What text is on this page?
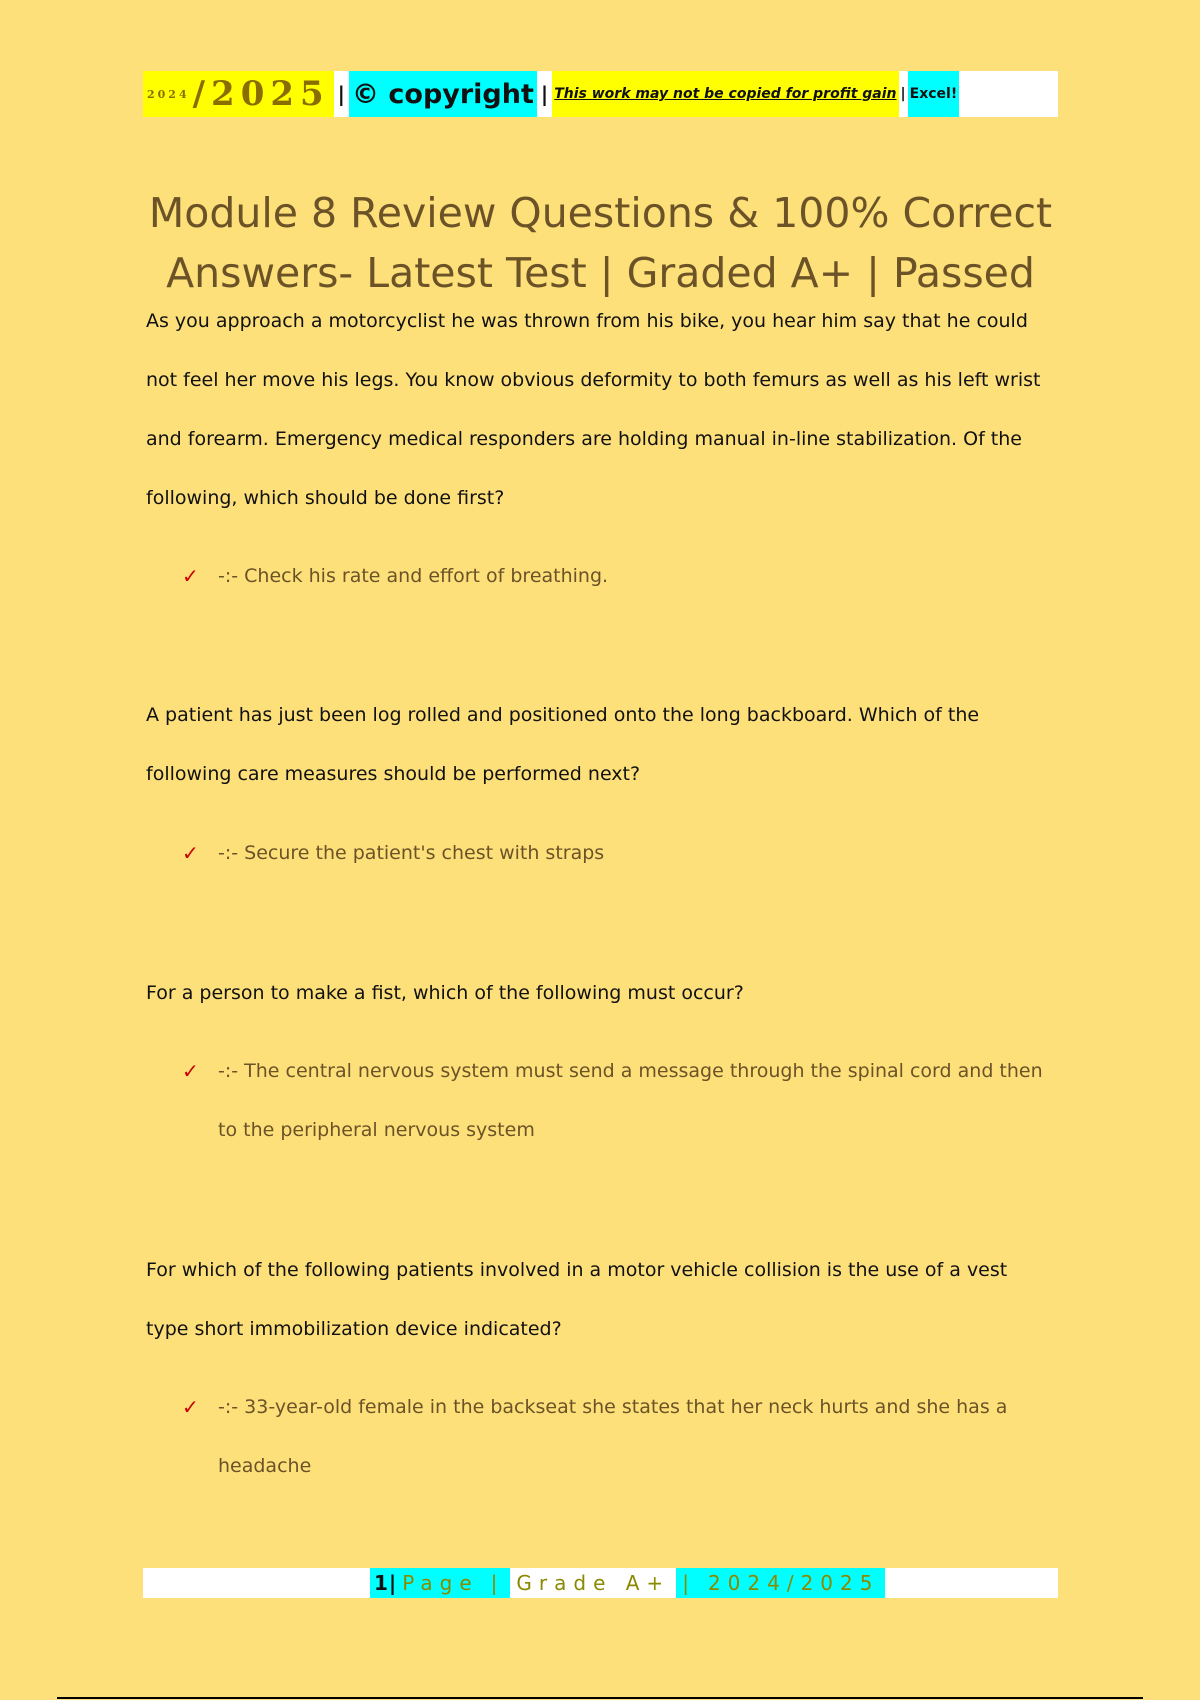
2024 /2025 | © copyright | This work may not be copied for profit gain | Excel!
Module 8 Review Questions & 100% Correct Answers- Latest Test | Graded A+ | Passed
As you approach a motorcyclist he was thrown from his bike, you hear him say that he could not feel her move his legs. You know obvious deformity to both femurs as well as his left wrist and forearm. Emergency medical responders are holding manual in-line stabilization. Of the following, which should be done first?
✓ -:- Check his rate and effort of breathing.
A patient has just been log rolled and positioned onto the long backboard. Which of the following care measures should be performed next?
✓ -:- Secure the patient's chest with straps
For a person to make a fist, which of the following must occur?
✓ -:- The central nervous system must send a message through the spinal cord and then to the peripheral nervous system
For which of the following patients involved in a motor vehicle collision is the use of a vest type short immobilization device indicated?
✓ -:- 33-year-old female in the backseat she states that her neck hurts and she has a headache
1 | Page | Grade A+ | 2024/2025
